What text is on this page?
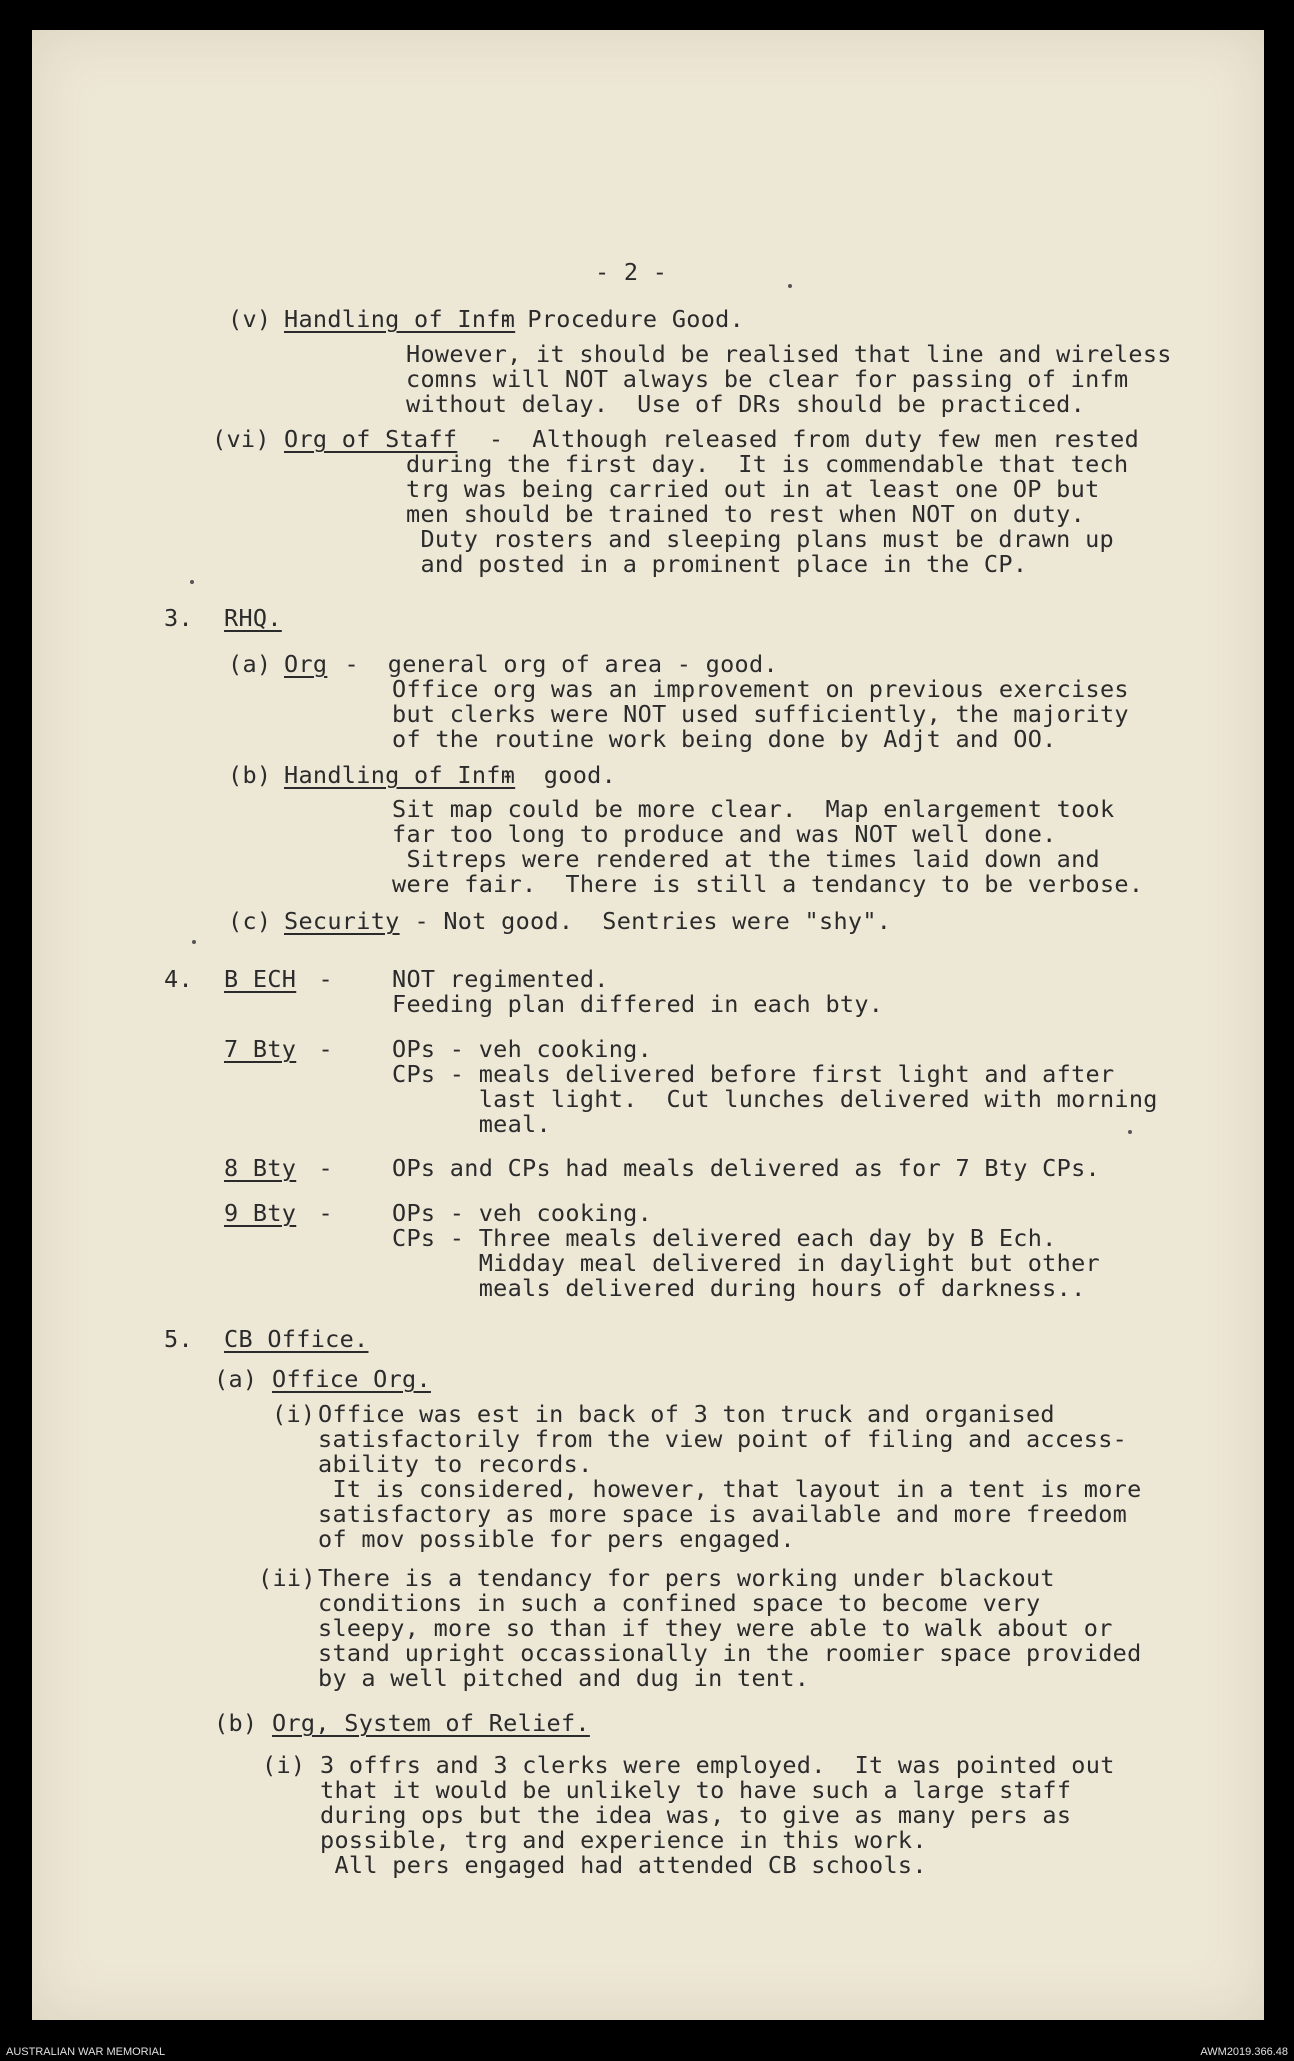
- 2 -
(v) Handling of Infm
- Procedure Good.
However, it should be realised that line and wireless
comns will NOT always be clear for passing of infm
without delay.  Use of DRs should be practiced.
(vi) Org of Staff -  Although released from duty few men rested
during the first day.  It is commendable that tech
trg was being carried out in at least one OP but
men should be trained to rest when NOT on duty.
Duty rosters and sleeping plans must be drawn up
and posted in a prominent place in the CP.
3. RHQ.
(a) Org -  general org of area - good.
Office org was an improvement on previous exercises
but clerks were NOT used sufficiently, the majority
of the routine work being done by Adjt and OO.
(b) Handling of Infm
-  good.
Sit map could be more clear.  Map enlargement took
far too long to produce and was NOT well done.
Sitreps were rendered at the times laid down and
were fair.  There is still a tendancy to be verbose.
(c) Security - Not good.  Sentries were "shy".
4. B ECH -	NOT regimented.
Feeding plan differed in each bty.
7 Bty -	OPs - veh cooking.
CPs - meals delivered before first light and after
last light.  Cut lunches delivered with morning
meal.
8 Bty -	OPs and CPs had meals delivered as for 7 Bty CPs.
9 Bty -	OPs - veh cooking.
CPs - Three meals delivered each day by B Ech.
Midday meal delivered in daylight but other
meals delivered during hours of darkness..
5. CB Office.
(a) Office Org.
(i) Office was est in back of 3 ton truck and organised
satisfactorily from the view point of filing and access-
ability to records.
It is considered, however, that layout in a tent is more
satisfactory as more space is available and more freedom
of mov possible for pers engaged.
(ii) There is a tendancy for pers working under blackout
conditions in such a confined space to become very
sleepy, more so than if they were able to walk about or
stand upright occassionally in the roomier space provided
by a well pitched and dug in tent.
(b) Org, System of Relief.
(i) 3 offrs and 3 clerks were employed.  It was pointed out
that it would be unlikely to have such a large staff
during ops but the idea was, to give as many pers as
possible, trg and experience in this work.
All pers engaged had attended CB schools.
AUSTRALIAN WAR MEMORIAL	AWM2019.366.48
